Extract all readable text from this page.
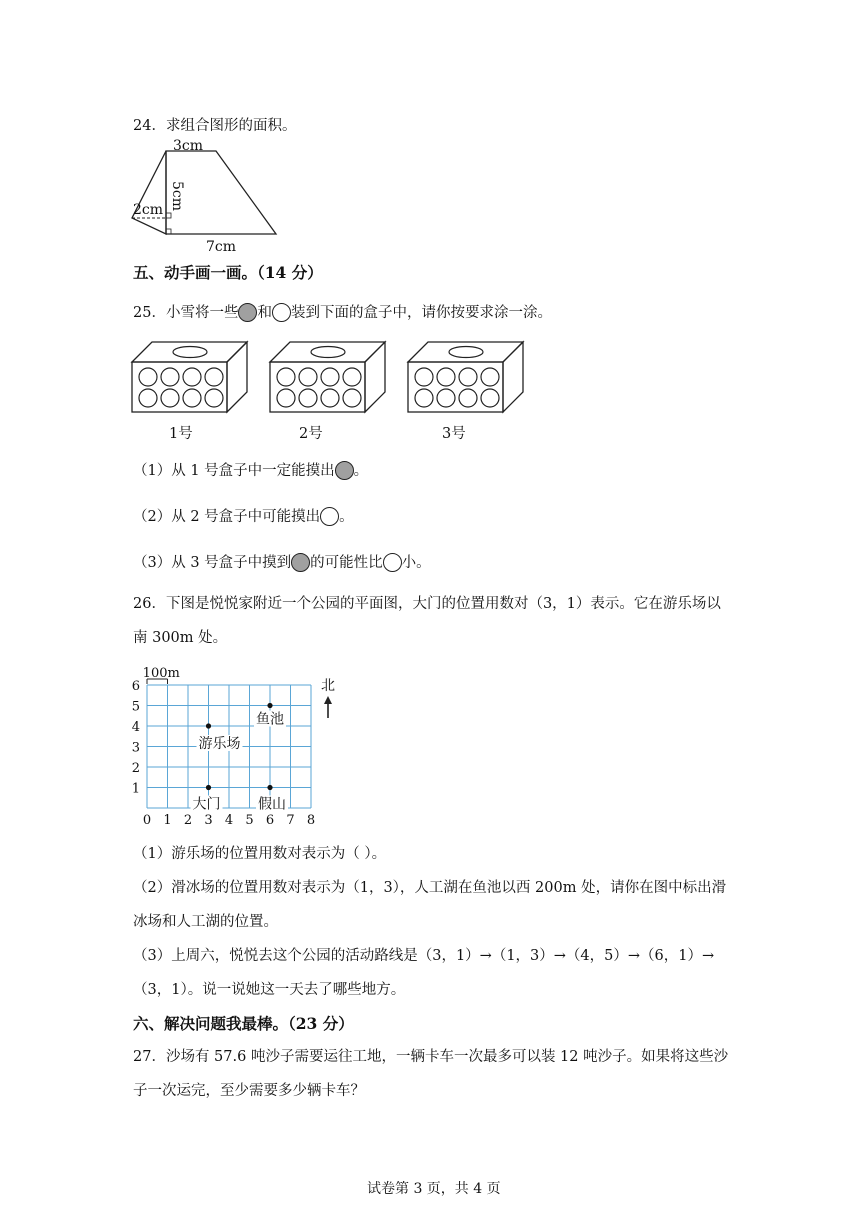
24．求组合图形的面积。
3cm
5cm
2cm
7cm
五、动手画一画。（14 分）
25．小雪将一些 和 装到下面的盒子中，请你按要求涂一涂。
1号	2号	3号
（1）从 1 号盒子中一定能摸出 。
（2）从 2 号盒子中可能摸出 。
（3）从 3 号盒子中摸到 的可能性比 小。
26．下图是悦悦家附近一个公园的平面图，大门的位置用数对（3，1）表示。它在游乐场以
南 300m 处。
0 1 2 3 4 5 6 7 8
1
2
3
4
5
6
100m
北
游乐场
鱼池
大门	假山
（1）游乐场的位置用数对表示为（ ）。
（2）滑冰场的位置用数对表示为（1，3），人工湖在鱼池以西 200m 处，请你在图中标出滑
冰场和人工湖的位置。
（3）上周六，悦悦去这个公园的活动路线是（3，1）→（1，3）→（4，5）→（6，1）→
（3，1）。说一说她这一天去了哪些地方。
六、解决问题我最棒。（23 分）
27．沙场有 57.6 吨沙子需要运往工地，一辆卡车一次最多可以装 12 吨沙子。如果将这些沙
子一次运完，至少需要多少辆卡车？
试卷第 3 页，共 4 页
